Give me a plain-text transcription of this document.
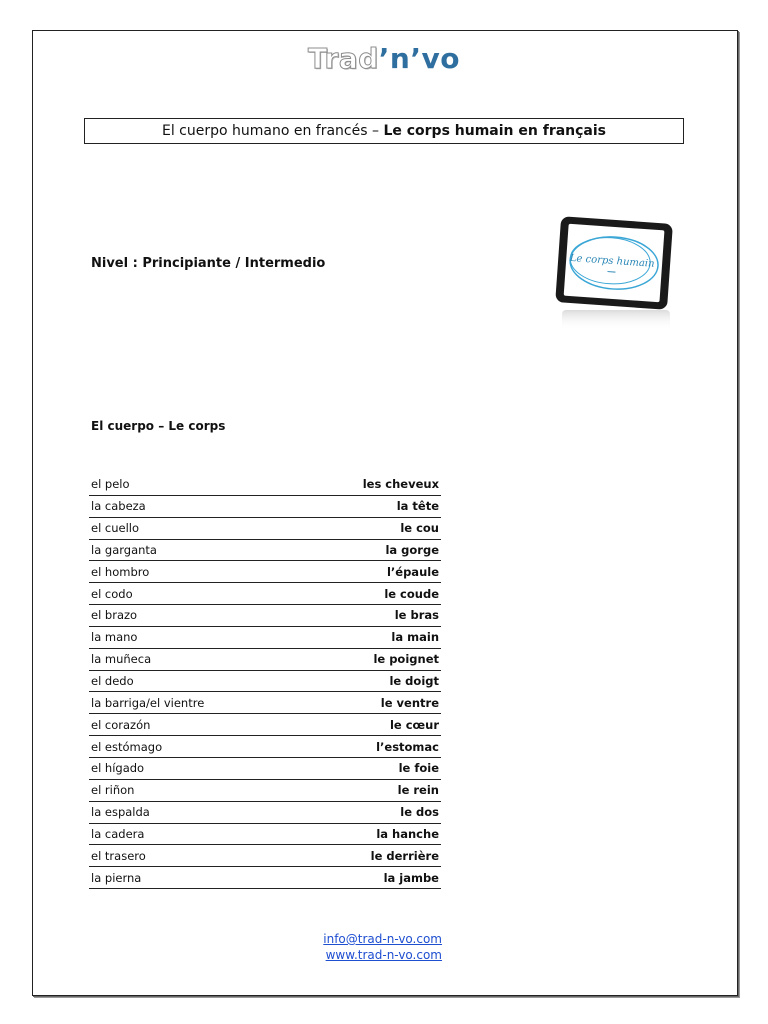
Trad’n’vo
El cuerpo humano en francés – Le corps humain en français
Nivel : Principiante / Intermedio	Le corps humain
El cuerpo – Le corps
el pelo	les cheveux
la cabeza	la tête
el cuello	le cou
la garganta	la gorge
el hombro	l’épaule
el codo	le coude
el brazo	le bras
la mano	la main
la muñeca	le poignet
el dedo	le doigt
la barriga/el vientre	le ventre
el corazón	le cœur
el estómago	l’estomac
el hígado	le foie
el riñon	le rein
la espalda	le dos
la cadera	la hanche
el trasero	le derrière
la pierna	la jambe
info@trad-n-vo.com
www.trad-n-vo.com
